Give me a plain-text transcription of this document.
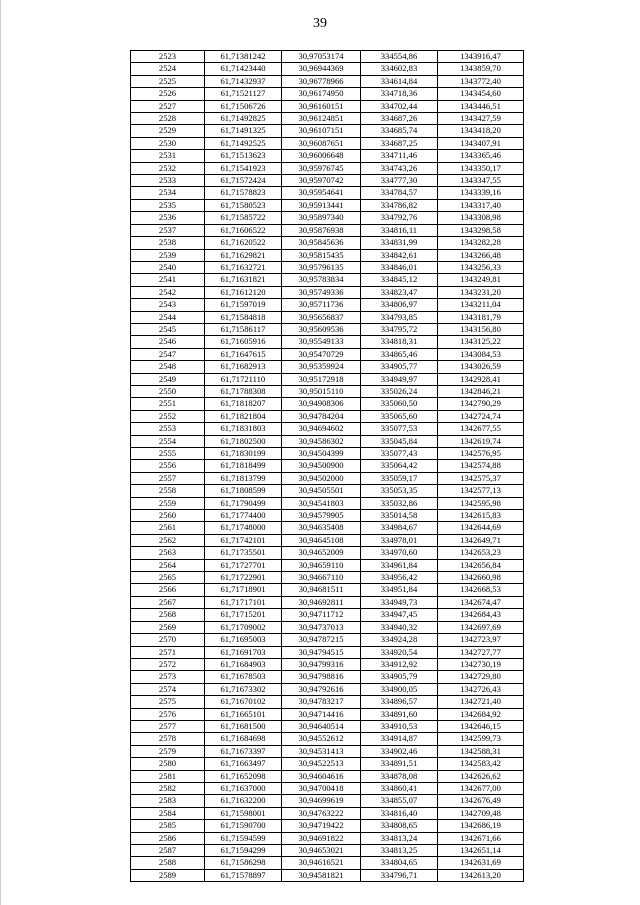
39
2523	61,71381242	30,97053174	334554,86	1343916,47
2524	61,71423440	30,96944369	334602,83	1343859,70
2525	61,71432937	30,96778966	334614,84	1343772,40
2526	61,71521127	30,96174950	334718,36	1343454,60
2527	61,71506726	30,96160151	334702,44	1343446,51
2528	61,71492825	30,96124851	334687,26	1343427,59
2529	61,71491325	30,96107151	334685,74	1343418,20
2530	61,71492525	30,96087651	334687,25	1343407,91
2531	61,71513623	30,96006648	334711,46	1343365,46
2532	61,71541923	30,95976745	334743,26	1343350,17
2533	61,71572424	30,95970742	334777,30	1343347,55
2534	61,71578823	30,95954641	334784,57	1343339,16
2535	61,71580523	30,95913441	334786,82	1343317,40
2536	61,71585722	30,95897340	334792,76	1343308,98
2537	61,71606522	30,95876938	334816,11	1343298,58
2538	61,71620522	30,95845636	334831,99	1343282,28
2539	61,71629821	30,95815435	334842,61	1343266,48
2540	61,71632721	30,95796135	334846,01	1343256,33
2541	61,71631821	30,95783834	334845,12	1343249,81
2542	61,71612120	30,95749336	334823,47	1343231,20
2543	61,71597019	30,95711736	334806,97	1343211,04
2544	61,71584818	30,95656837	334793,85	1343181,79
2545	61,71586117	30,95609536	334795,72	1343156,80
2546	61,71605916	30,95549133	334818,31	1343125,22
2547	61,71647615	30,95470729	334865,46	1343084,53
2548	61,71682913	30,95359924	334905,77	1343026,59
2549	61,71721110	30,95172918	334949,97	1342928,41
2550	61,71788308	30,95015110	335026,24	1342846,21
2551	61,71818207	30,94908306	335060,50	1342790,29
2552	61,71821804	30,94784204	335065,60	1342724,74
2553	61,71831803	30,94694602	335077,53	1342677,55
2554	61,71802500	30,94586302	335045,84	1342619,74
2555	61,71830199	30,94504399	335077,43	1342576,95
2556	61,71818499	30,94500900	335064,42	1342574,88
2557	61,71813799	30,94502000	335059,17	1342575,37
2558	61,71808599	30,94505501	335053,35	1342577,13
2559	61,71790499	30,94541803	335032,86	1342595,98
2560	61,71774400	30,94579905	335014,58	1342615,83
2561	61,71748000	30,94635408	334984,67	1342644,69
2562	61,71742101	30,94645108	334978,01	1342649,71
2563	61,71735501	30,94652009	334970,60	1342653,23
2564	61,71727701	30,94659110	334961,84	1342656,84
2565	61,71722901	30,94667110	334956,42	1342660,98
2566	61,71718901	30,94681511	334951,84	1342668,53
2567	61,71717101	30,94692811	334949,73	1342674,47
2568	61,71715201	30,94711712	334947,45	1342684,43
2569	61,71709002	30,94737013	334940,32	1342697,69
2570	61,71695003	30,94787215	334924,28	1342723,97
2571	61,71691703	30,94794515	334920,54	1342727,77
2572	61,71684903	30,94799316	334912,92	1342730,19
2573	61,71678503	30,94798816	334905,79	1342729,80
2574	61,71673302	30,94792616	334900,05	1342726,43
2575	61,71670102	30,94783217	334896,57	1342721,40
2576	61,71665101	30,94714416	334891,60	1342684,92
2577	61,71681500	30,94640514	334910,53	1342646,15
2578	61,71684698	30,94552612	334914,87	1342599,73
2579	61,71673397	30,94531413	334902,46	1342588,31
2580	61,71663497	30,94522513	334891,51	1342583,42
2581	61,71652098	30,94604616	334878,08	1342626,62
2582	61,71637000	30,94700418	334860,41	1342677,00
2583	61,71632200	30,94699619	334855,07	1342676,49
2584	61,71598001	30,94763222	334816,40	1342709,48
2585	61,71590700	30,94719422	334808,65	1342686,19
2586	61,71594599	30,94691822	334813,24	1342671,66
2587	61,71594299	30,94653021	334813,25	1342651,14
2588	61,71586298	30,94616521	334804,65	1342631,69
2589	61,71578897	30,94581821	334796,71	1342613,20
